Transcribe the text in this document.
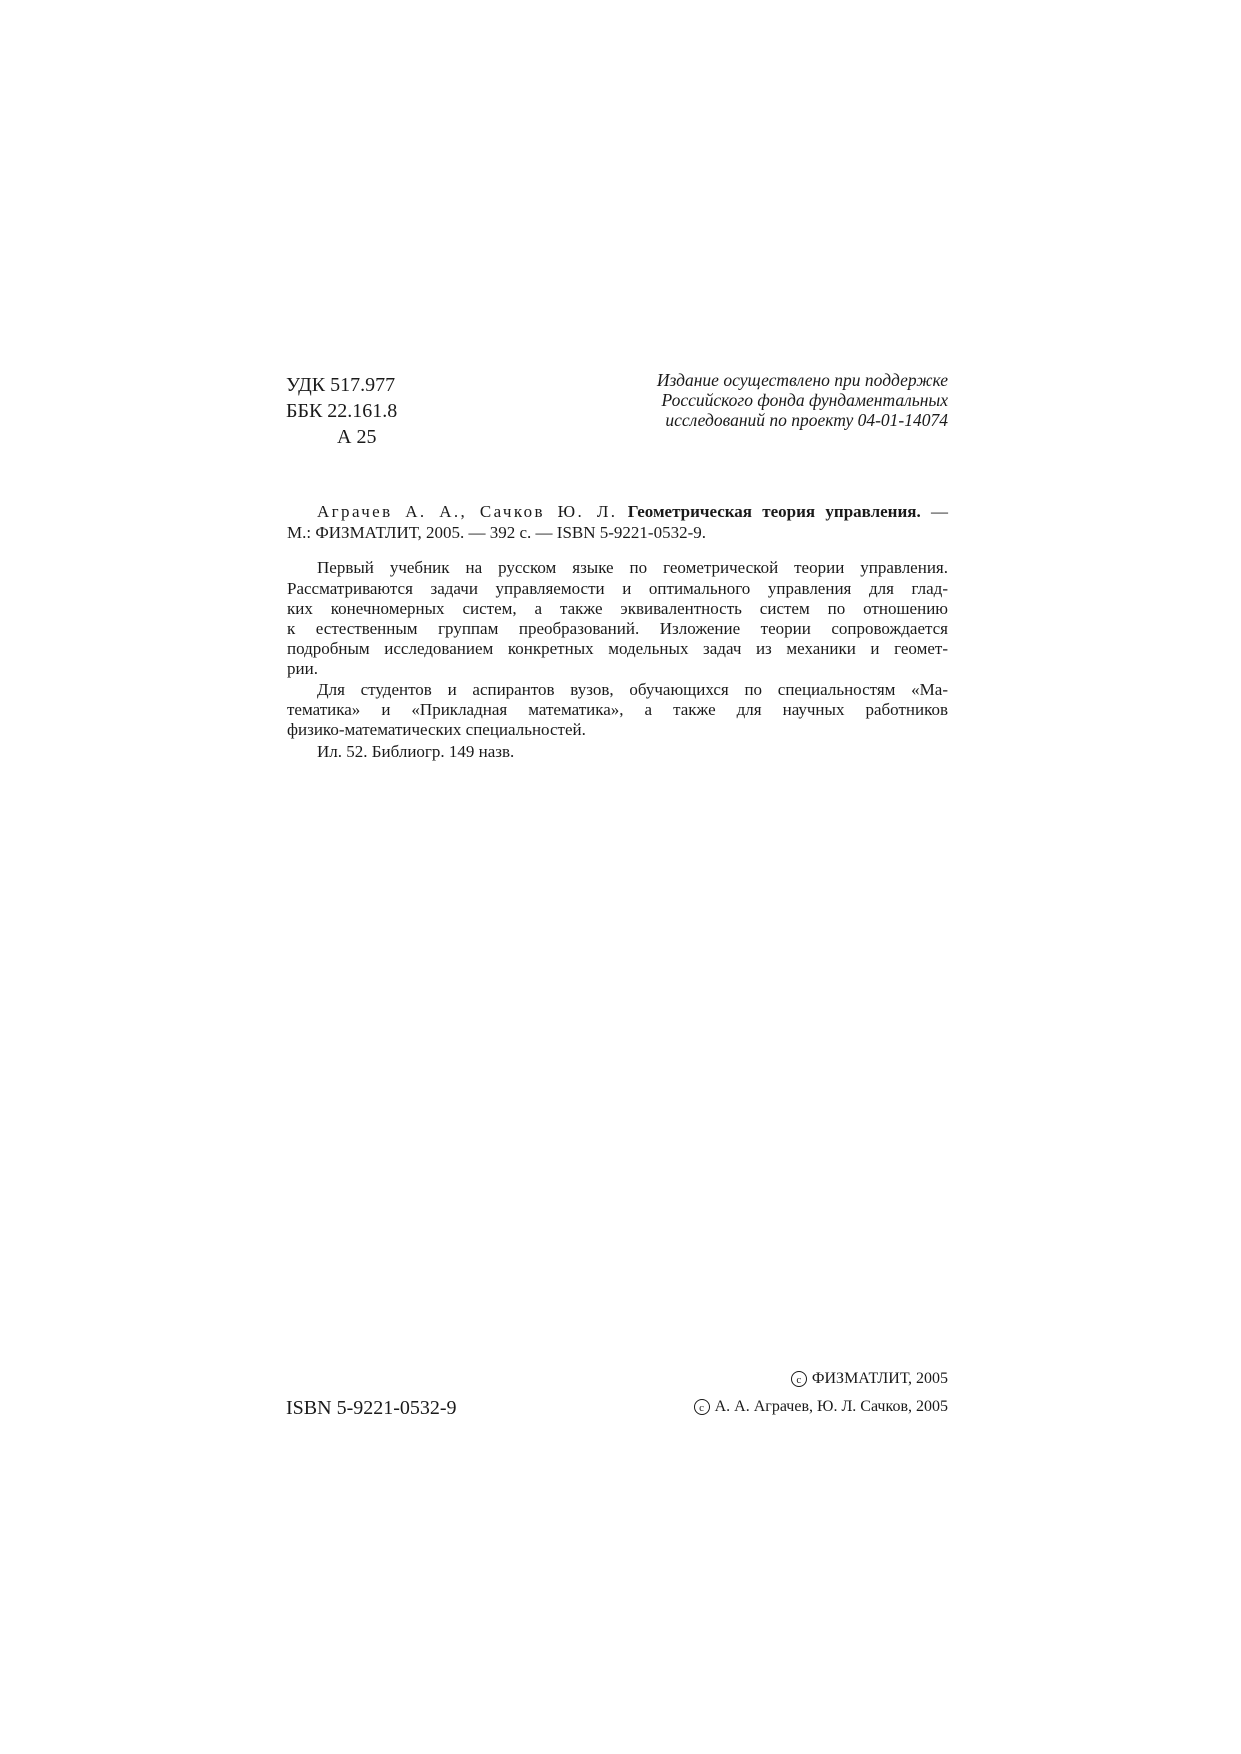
УДК 517.977
ББК 22.161.8
А 25
Издание осуществлено при поддержке
Российского фонда фундаментальных
исследований по проекту 04-01-14074
Аграчев А. А., Сачков Ю. Л. Геометрическая теория управления. —
М.: ФИЗМАТЛИТ, 2005. — 392 с. — ISBN 5-9221-0532-9.
Первый учебник на русском языке по геометрической теории управления.
Рассматриваются задачи управляемости и оптимального управления для глад-
ких конечномерных систем, а также эквивалентность систем по отношению
к естественным группам преобразований. Изложение теории сопровождается
подробным исследованием конкретных модельных задач из механики и геомет-
рии.
Для студентов и аспирантов вузов, обучающихся по специальностям «Ма-
тематика» и «Прикладная математика», а также для научных работников
физико-математических специальностей.
Ил. 52. Библиогр. 149 назв.
ISBN 5-9221-0532-9
c ФИЗМАТЛИТ, 2005
c А. А. Аграчев, Ю. Л. Сачков, 2005
